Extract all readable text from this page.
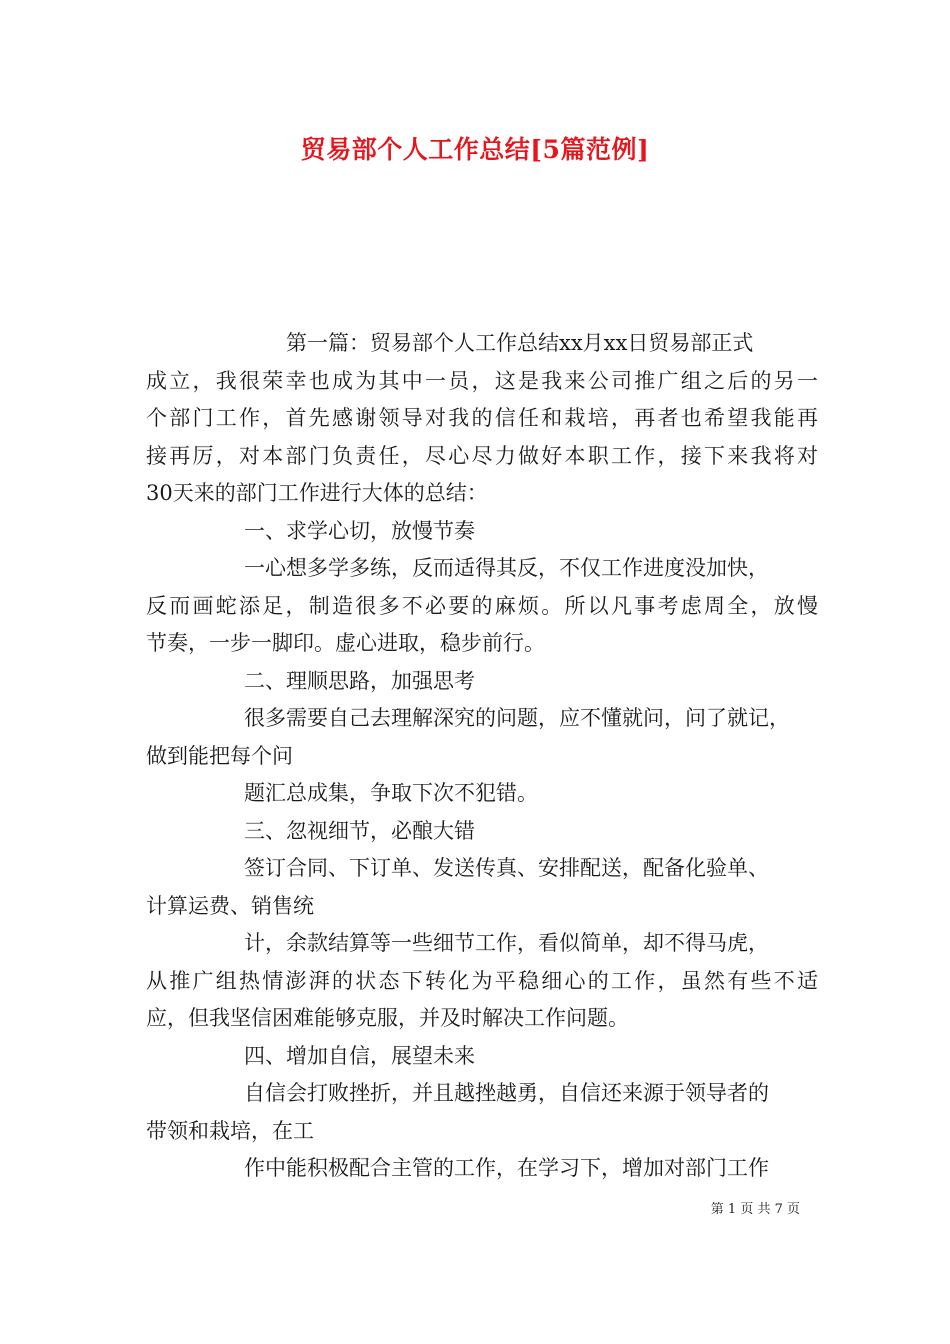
贸易部个人工作总结[5篇范例]
第一篇：贸易部个人工作总结xx月xx日贸易部正式
成立，我很荣幸也成为其中一员，这是我来公司推广组之后的另一
个部门工作，首先感谢领导对我的信任和栽培，再者也希望我能再
接再厉，对本部门负责任，尽心尽力做好本职工作，接下来我将对
30天来的部门工作进行大体的总结：
一、求学心切，放慢节奏
一心想多学多练，反而适得其反，不仅工作进度没加快，
反而画蛇添足，制造很多不必要的麻烦。所以凡事考虑周全，放慢
节奏，一步一脚印。虚心进取，稳步前行。
二、理顺思路，加强思考
很多需要自己去理解深究的问题，应不懂就问，问了就记，
做到能把每个问
题汇总成集，争取下次不犯错。
三、忽视细节，必酿大错
签订合同、下订单、发送传真、安排配送，配备化验单、
计算运费、销售统
计，余款结算等一些细节工作，看似简单，却不得马虎，
从推广组热情澎湃的状态下转化为平稳细心的工作，虽然有些不适
应，但我坚信困难能够克服，并及时解决工作问题。
四、增加自信，展望未来
自信会打败挫折，并且越挫越勇，自信还来源于领导者的
带领和栽培，在工
作中能积极配合主管的工作，在学习下，增加对部门工作
第 1 页 共 7 页
